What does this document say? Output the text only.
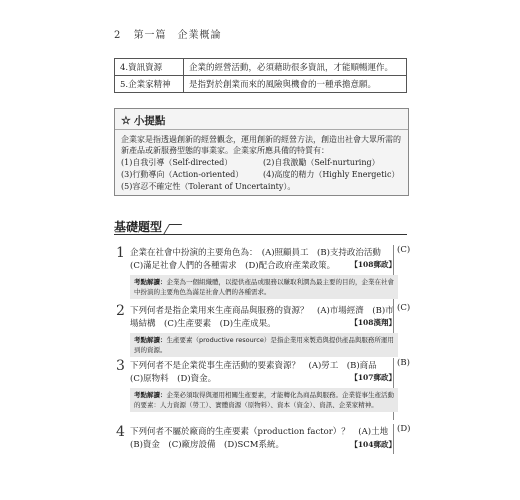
2 第一篇　企業概論
4.資訊資源	企業的經營活動，必須藉助很多資訊，才能順暢運作。
5.企業家精神	是指對於創業而來的風險與機會的一種承擔意願。
☆ 小提點
企業家是指透過創新的經營觀念，運用創新的經營方法，創造出社會大眾所需的新產品或新服務型態的事業家。企業家所應具備的特質有：
(1)自我引導（Self-directed）	(2)自我激勵（Self-nurturing）
(3)行動導向（Action-oriented） (4)高度的精力（Highly Energetic）
(5)容忍不確定性（Tolerant of Uncertainty）。
基礎題型
1 企業在社會中扮演的主要角色為：　(A)照顧員工　(B)支持政治活動　(C)滿足社會人們的各種需求　(D)配合政府產業政策。
(C)
【108郵政】
考點解讀：企業為一個組織體，以提供產品或服務以賺取利潤為最主要的目的，企業在社會中扮演的主要角色為滿足社會人們的各種需求。
2 下列何者是指企業用來生產商品與服務的資源？　(A)市場經濟　(B)市場結構　(C)生產要素　(D)生產成果。
(C)
【108漢翔】
考點解讀：生產要素（productive resource）是指企業用來製造與提供產品與服務所運用到的資源。
3 下列何者不是企業從事生產活動的要素資源？　(A)勞工　(B)商品　(C)原物料　(D)資金。
(B)
【107郵政】
考點解讀：企業必須取得與運用相關生產要素，才能轉化為商品與服務。企業從事生產活動的要素：人力資源（勞工）、實體資源（原物料）、資本（資金）、資訊、企業家精神。
4 下列何者不屬於廠商的生產要素（production factor）？　(A)土地　(B)資金　(C)廠房設備　(D)SCM系統。
(D)
【104郵政】
